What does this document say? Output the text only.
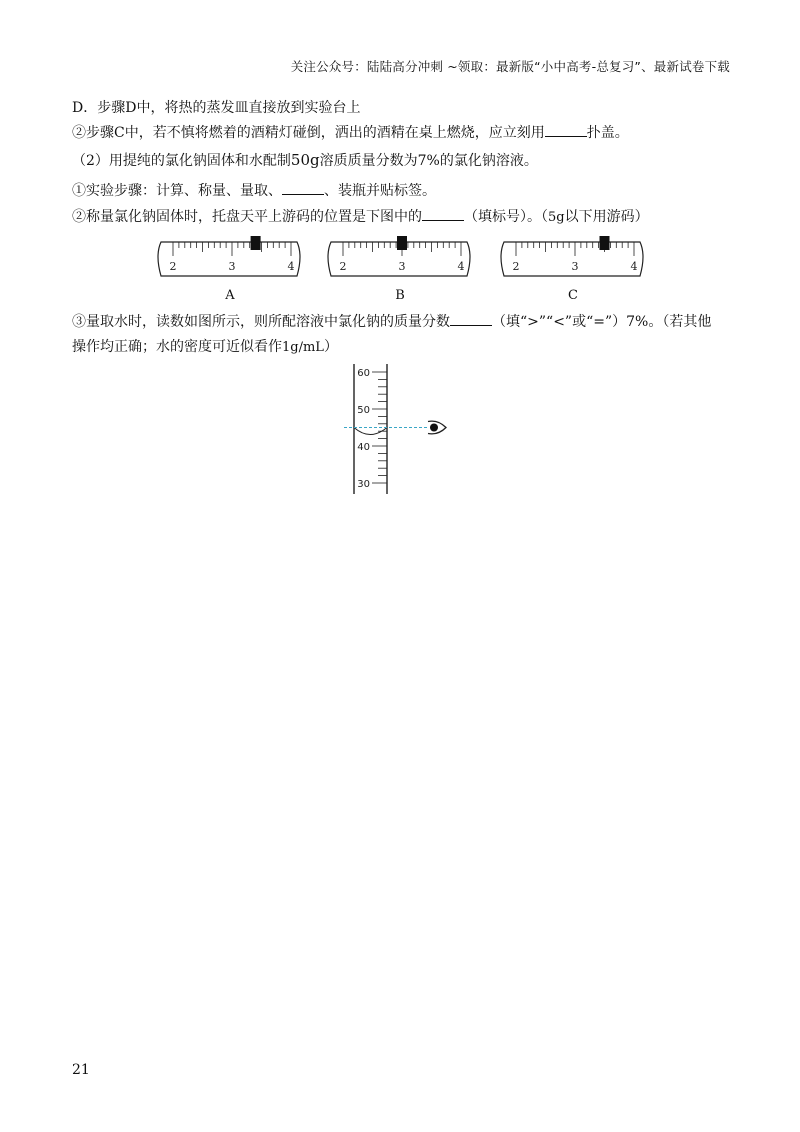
关注公众号：陆陆高分冲刺 ~领取：最新版“小中高考-总复习”、最新试卷下载
D．步骤D中，将热的蒸发皿直接放到实验台上
②步骤C中，若不慎将燃着的酒精灯碰倒，洒出的酒精在桌上燃烧，应立刻用	扑盖。
（2）用提纯的氯化钠固体和水配制50g溶质质量分数为7%的氯化钠溶液。
①实验步骤：计算、称量、量取、	、装瓶并贴标签。
②称量氯化钠固体时，托盘天平上游码的位置是下图中的	（填标号）。（5g以下用游码）
2	3	4
A
2	3	4
B
2	3	4
C
③量取水时，读数如图所示，则所配溶液中氯化钠的质量分数	（填“>”“<”或“=”）7%。（若其他
操作均正确；水的密度可近似看作1g/mL）
60
50
40
30
21
